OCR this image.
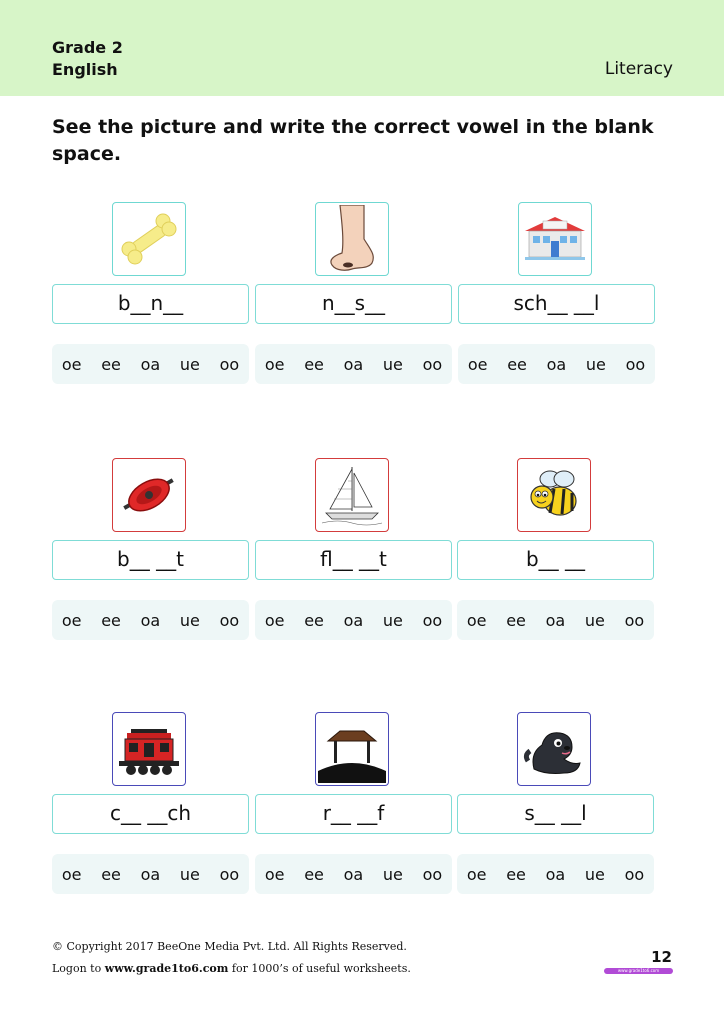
Grade 2
English	Literacy
See the picture and write the correct vowel in the blank space.
b__n__
oe ee oa ue oo
n__s__
oe ee oa ue oo
sch__ __l
oe ee oa ue oo
b__ __t
oe ee oa ue oo
fl__ __t
oe ee oa ue oo
b__ __
oe ee oa ue oo
c__ __ch
oe ee oa ue oo
r__ __f
oe ee oa ue oo
s__ __l
oe ee oa ue oo
© Copyright 2017 BeeOne Media Pvt. Ltd. All Rights Reserved.
Logon to www.grade1to6.com for 1000’s of useful worksheets.
12
www.grade1to6.com
